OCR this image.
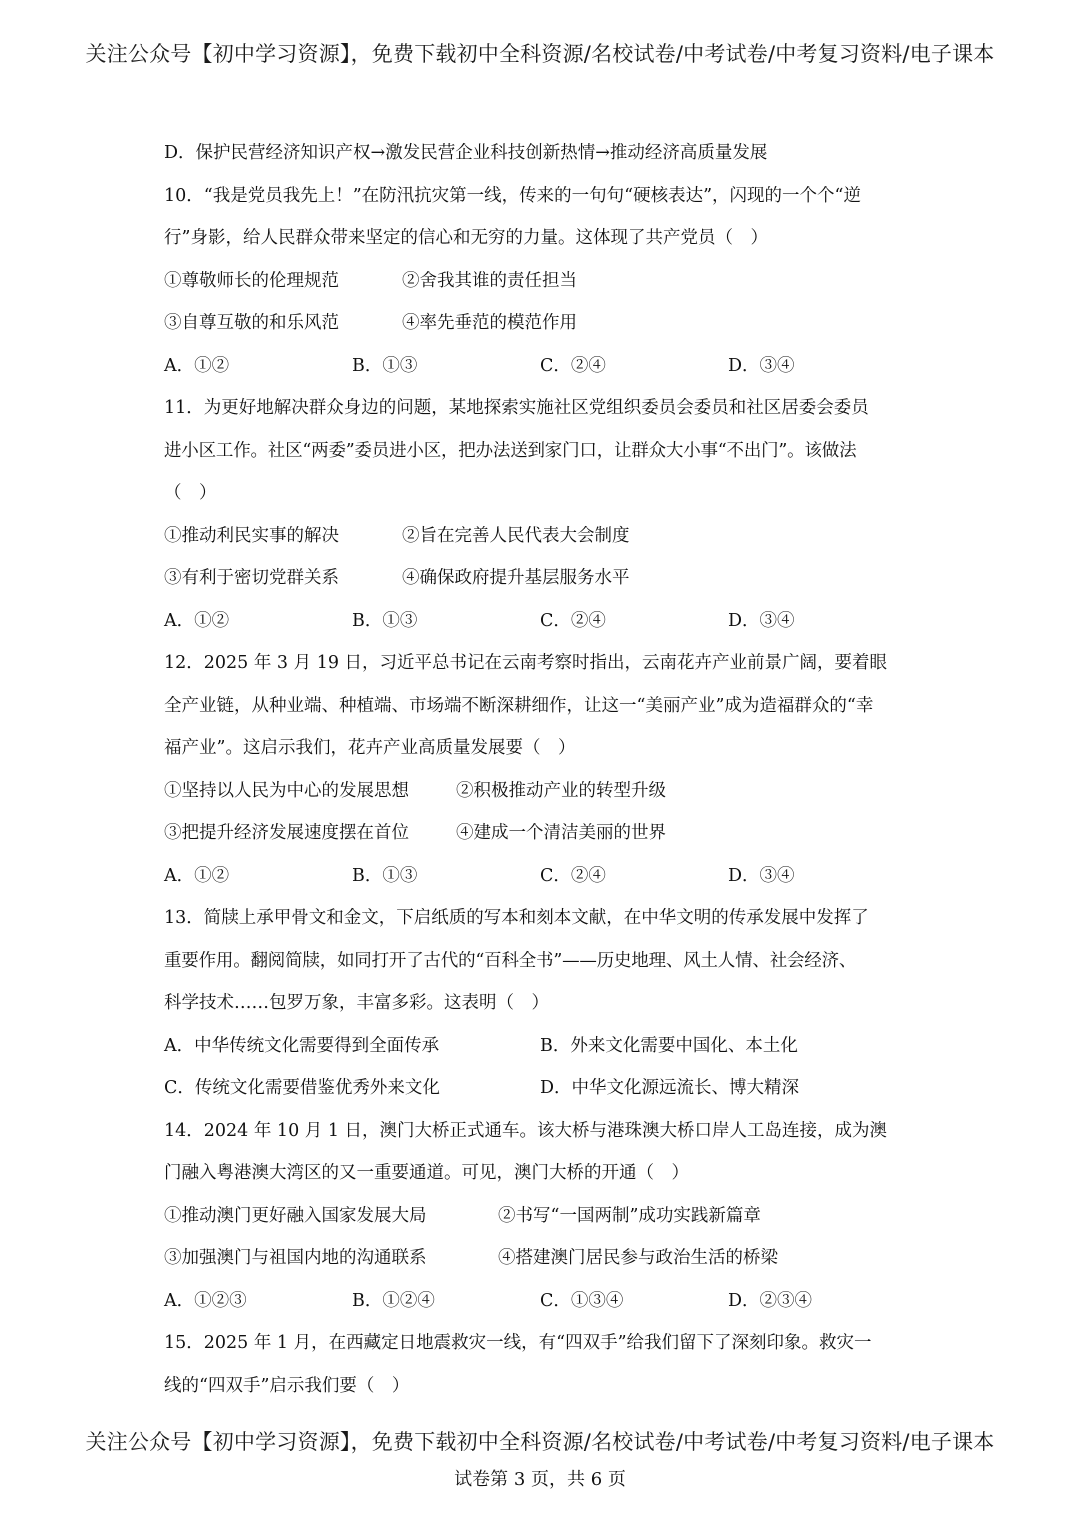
关注公众号【初中学习资源】，免费下载初中全科资源/名校试卷/中考试卷/中考复习资料/电子课本
D．保护民营经济知识产权→激发民营企业科技创新热情→推动经济高质量发展
10．“我是党员我先上！”在防汛抗灾第一线，传来的一句句“硬核表达”，闪现的一个个“逆
行”身影，给人民群众带来坚定的信心和无穷的力量。这体现了共产党员（　）
①尊敬师长的伦理规范	②舍我其谁的责任担当
③自尊互敬的和乐风范	④率先垂范的模范作用
A．①②	B．①③	C．②④	D．③④
11．为更好地解决群众身边的问题，某地探索实施社区党组织委员会委员和社区居委会委员
进小区工作。社区“两委”委员进小区，把办法送到家门口，让群众大小事“不出门”。该做法
（　）
①推动利民实事的解决	②旨在完善人民代表大会制度
③有利于密切党群关系	④确保政府提升基层服务水平
A．①②	B．①③	C．②④	D．③④
12．2025 年 3 月 19 日，习近平总书记在云南考察时指出，云南花卉产业前景广阔，要着眼
全产业链，从种业端、种植端、市场端不断深耕细作，让这一“美丽产业”成为造福群众的“幸
福产业”。这启示我们，花卉产业高质量发展要（　）
①坚持以人民为中心的发展思想	②积极推动产业的转型升级
③把提升经济发展速度摆在首位	④建成一个清洁美丽的世界
A．①②	B．①③	C．②④	D．③④
13．简牍上承甲骨文和金文，下启纸质的写本和刻本文献，在中华文明的传承发展中发挥了
重要作用。翻阅简牍，如同打开了古代的“百科全书”——历史地理、风土人情、社会经济、
科学技术……包罗万象，丰富多彩。这表明（　）
A．中华传统文化需要得到全面传承	B．外来文化需要中国化、本土化
C．传统文化需要借鉴优秀外来文化	D．中华文化源远流长、博大精深
14．2024 年 10 月 1 日，澳门大桥正式通车。该大桥与港珠澳大桥口岸人工岛连接，成为澳
门融入粤港澳大湾区的又一重要通道。可见，澳门大桥的开通（　）
①推动澳门更好融入国家发展大局	②书写“一国两制”成功实践新篇章
③加强澳门与祖国内地的沟通联系	④搭建澳门居民参与政治生活的桥梁
A．①②③	B．①②④	C．①③④	D．②③④
15．2025 年 1 月，在西藏定日地震救灾一线，有“四双手”给我们留下了深刻印象。救灾一
线的“四双手”启示我们要（　）
关注公众号【初中学习资源】，免费下载初中全科资源/名校试卷/中考试卷/中考复习资料/电子课本
试卷第 3 页，共 6 页
